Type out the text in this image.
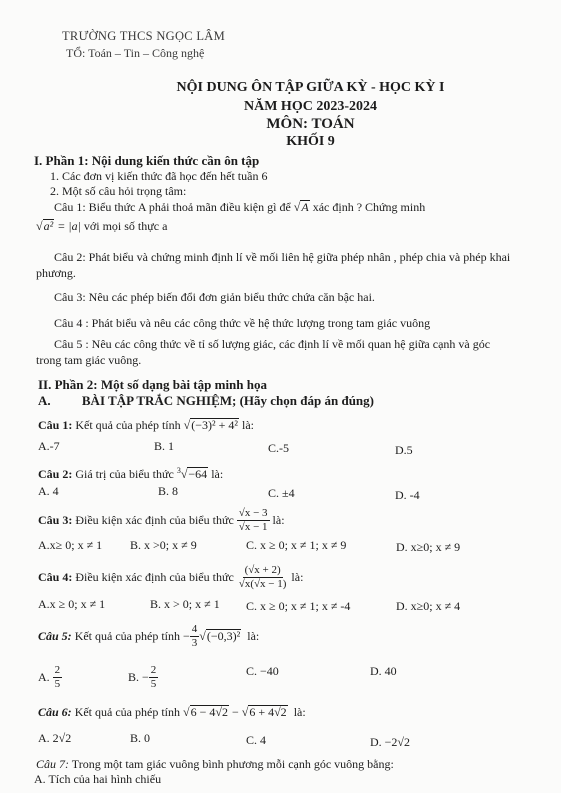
TRƯỜNG THCS NGỌC LÂM
TỔ: Toán – Tin – Công nghệ
NỘI DUNG ÔN TẬP GIỮA KỲ - HỌC KỲ I
NĂM HỌC 2023-2024
MÔN: TOÁN
KHỐI 9
I. Phần 1: Nội dung kiến thức cần ôn tập
1. Các đơn vị kiến thức đã học đến hết tuần 6
2. Một số câu hỏi trọng tâm:
Câu 1: Biểu thức A phải thoả mãn điều kiện gì để √A xác định ? Chứng minh
√a² = |a| với mọi số thực a
Câu 2: Phát biểu và chứng minh định lí về mối liên hệ giữa phép nhân , phép chia và phép khai phương.
Câu 3: Nêu các phép biến đổi đơn giản biểu thức chứa căn bậc hai.
Câu 4 : Phát biểu và nêu các công thức về hệ thức lượng trong tam giác vuông
Câu 5 : Nêu các công thức về tỉ số lượng giác, các định lí về mối quan hệ giữa cạnh và góc trong tam giác vuông.
II. Phần 2: Một số dạng bài tập minh họa
A. BÀI TẬP TRẮC NGHIỆM; (Hãy chọn đáp án đúng)
Câu 1: Kết quả của phép tính √(−3)² + 4² là:
A.-7	B. 1	C.-5	D.5
Câu 2: Giá trị của biểu thức $^3$√−64 là:
A. 4	B. 8	C. ±4	D. -4
Câu 3:
Điều kiện xác định của biểu thức
$\frac{√x - 3}{√x - 1}$
là:
A.x≥ 0; x ≠ 1 B. x >0; x ≠ 9	C. x ≥ 0; x ≠ 1; x ≠ 9	D. x≥0; x ≠ 9
Câu 4:
Điều kiện xác định của biểu thức
$\frac{(√x + 2)}{√x(√x - 1)}$
là:
A.x ≥ 0; x ≠ 1	B. x > 0; x ≠ 1 C. x ≥ 0; x ≠ 1; x ≠ -4	D. x≥0; x ≠ 4
Câu 5:
Kết quả của phép tính
− $\frac{4}{3}$ √ (−0,3)²
là:
A.
$\frac{2}{5}$	B. − $\frac{2}{5}$	C. −40	D. 40
Câu 6: Kết quả của phép tính √6 − 4√2 − √6 + 4√2 là:
A. 2√2	B. 0	C. 4	D. −2√2
Câu 7: Trong một tam giác vuông bình phương mỗi cạnh góc vuông bằng:
A. Tích của hai hình chiếu
